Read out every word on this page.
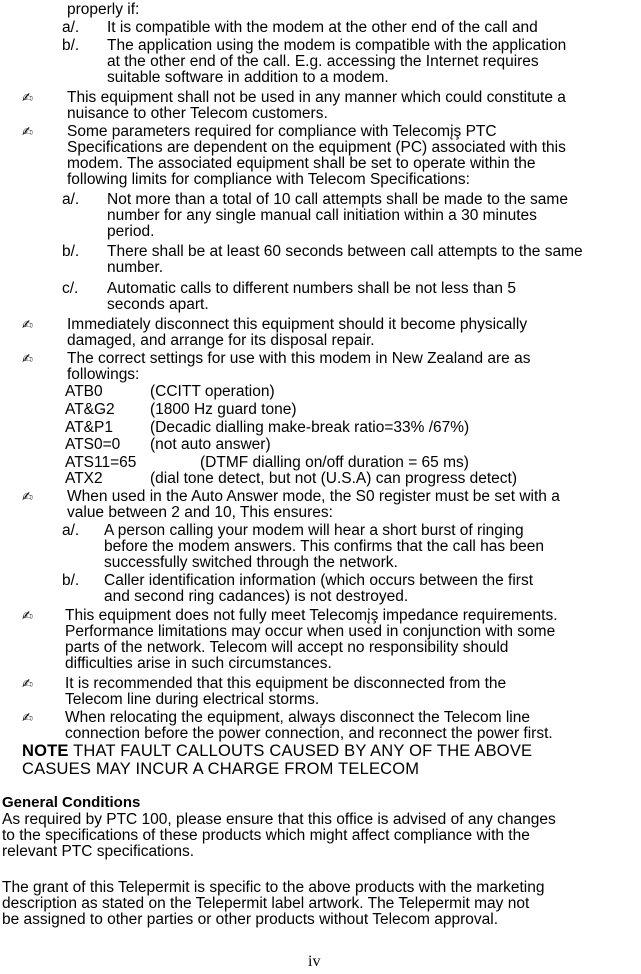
properly if:
a/. It is compatible with the modem at the other end of the call and
b/. The application using the modem is compatible with the application
at the other end of the call. E.g. accessing the Internet requires
suitable software in addition to a modem.
✍ This equipment shall not be used in any manner which could constitute a
nuisance to other Telecom customers.
✍ Some parameters required for compliance with Telecomįş PTC
Specifications are dependent on the equipment (PC) associated with this
modem. The associated equipment shall be set to operate within the
following limits for compliance with Telecom Specifications:
a/. Not more than a total of 10 call attempts shall be made to the same
number for any single manual call initiation within a 30 minutes
period.
b/. There shall be at least 60 seconds between call attempts to the same
number.
c/. Automatic calls to different numbers shall be not less than 5
seconds apart.
✍ Immediately disconnect this equipment should it become physically
damaged, and arrange for its disposal repair.
✍ The correct settings for use with this modem in New Zealand are as
followings:
ATB0	(CCITT operation)
AT&G2 (1800 Hz guard tone)
AT&P1 (Decadic dialling make-break ratio=33% /67%)
ATS0=0 (not auto answer)
ATS11=65	(DTMF dialling on/off duration = 65 ms)
ATX2	(dial tone detect, but not (U.S.A) can progress detect)
✍ When used in the Auto Answer mode, the S0 register must be set with a
value between 2 and 10, This ensures:
a/. A person calling your modem will hear a short burst of ringing
before the modem answers. This confirms that the call has been
successfully switched through the network.
b/. Caller identification information (which occurs between the first
and second ring cadances) is not destroyed.
✍ This equipment does not fully meet Telecomįş impedance requirements.
Performance limitations may occur when used in conjunction with some
parts of the network. Telecom will accept no responsibility should
difficulties arise in such circumstances.
✍ It is recommended that this equipment be disconnected from the
Telecom line during electrical storms.
✍ When relocating the equipment, always disconnect the Telecom line
connection before the power connection, and reconnect the power first.
NOTE THAT FAULT CALLOUTS CAUSED BY ANY OF THE ABOVE
CASUES MAY INCUR A CHARGE FROM TELECOM
General Conditions
As required by PTC 100, please ensure that this office is advised of any changes
to the specifications of these products which might affect compliance with the
relevant PTC specifications.
The grant of this Telepermit is specific to the above products with the marketing
description as stated on the Telepermit label artwork. The Telepermit may not
be assigned to other parties or other products without Telecom approval.
iv
